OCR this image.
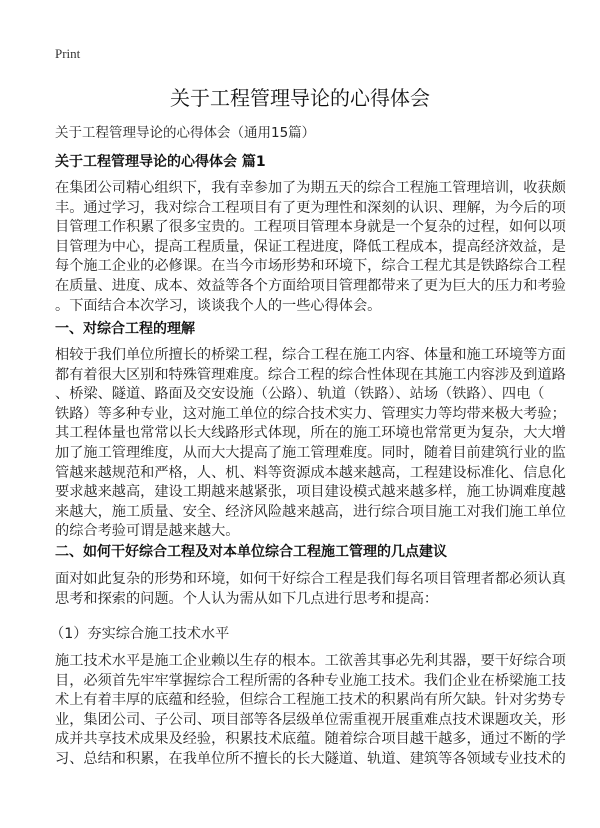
Print
关于工程管理导论的心得体会
关于工程管理导论的心得体会（通用15篇）
关于工程管理导论的心得体会 篇1
在集团公司精心组织下，我有幸参加了为期五天的综合工程施工管理培训，收获颇
丰。通过学习，我对综合工程项目有了更为理性和深刻的认识、理解，为今后的项
目管理工作积累了很多宝贵的。工程项目管理本身就是一个复杂的过程，如何以项
目管理为中心，提高工程质量，保证工程进度，降低工程成本，提高经济效益，是
每个施工企业的必修课。在当今市场形势和环境下，综合工程尤其是铁路综合工程
在质量、进度、成本、效益等各个方面给项目管理都带来了更为巨大的压力和考验
。下面结合本次学习，谈谈我个人的一些心得体会。
一、对综合工程的理解
相较于我们单位所擅长的桥梁工程，综合工程在施工内容、体量和施工环境等方面
都有着很大区别和特殊管理难度。综合工程的综合性体现在其施工内容涉及到道路
、桥梁、隧道、路面及交安设施（公路）、轨道（铁路）、站场（铁路）、四电（
铁路）等多种专业，这对施工单位的综合技术实力、管理实力等均带来极大考验；
其工程体量也常常以长大线路形式体现，所在的施工环境也常常更为复杂，大大增
加了施工管理维度，从而大大提高了施工管理难度。同时，随着目前建筑行业的监
管越来越规范和严格，人、机、料等资源成本越来越高，工程建设标准化、信息化
要求越来越高，建设工期越来越紧张，项目建设模式越来越多样，施工协调难度越
来越大，施工质量、安全、经济风险越来越高，进行综合项目施工对我们施工单位
的综合考验可谓是越来越大。
二、如何干好综合工程及对本单位综合工程施工管理的几点建议
面对如此复杂的形势和环境，如何干好综合工程是我们每名项目管理者都必须认真
思考和探索的问题。个人认为需从如下几点进行思考和提高：
（1）夯实综合施工技术水平
施工技术水平是施工企业赖以生存的根本。工欲善其事必先利其器，要干好综合项
目，必须首先牢牢掌握综合工程所需的各种专业施工技术。我们企业在桥梁施工技
术上有着丰厚的底蕴和经验，但综合工程施工技术的积累尚有所欠缺。针对劣势专
业，集团公司、子公司、项目部等各层级单位需重视开展重难点技术课题攻关，形
成并共享技术成果及经验，积累技术底蕴。随着综合项目越干越多，通过不断的学
习、总结和积累，在我单位所不擅长的长大隧道、轨道、建筑等各领域专业技术的
